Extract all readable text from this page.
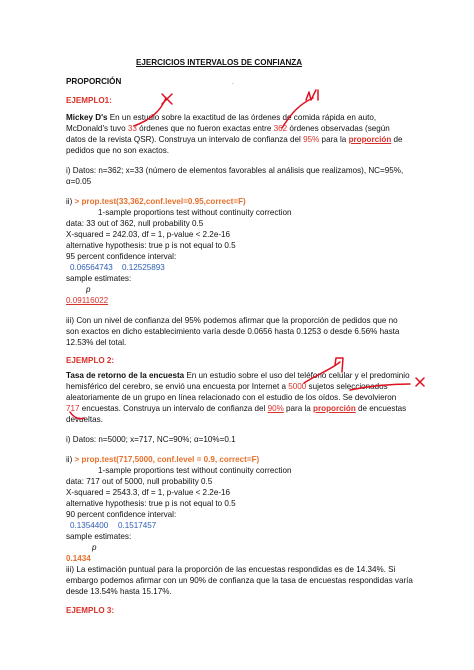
EJERCICIOS INTERVALOS DE CONFIANZA
PROPORCIÓN	·
EJEMPLO1:
Mickey D's En un estudio sobre la exactitud de las órdenes de comida rápida en auto,
McDonald's tuvo 33 órdenes que no fueron exactas entre 362 órdenes observadas (según
datos de la revista QSR). Construya un intervalo de confianza del 95% para la proporción de
pedidos que no son exactos.
i) Datos: n=362; x=33 (número de elementos favorables al análisis que realizamos), NC=95%,
α=0.05
ii) > prop.test(33,362,conf.level=0.95,correct=F)
1-sample proportions test without continuity correction
data: 33 out of 362, null probability 0.5
X-squared = 242.03, df = 1, p-value < 2.2e-16
alternative hypothesis: true p is not equal to 0.5
95 percent confidence interval:
0.06564743 0.12525893
sample estimates:
p
0.09116022
iii) Con un nivel de confianza del 95% podemos afirmar que la proporción de pedidos que no
son exactos en dicho establecimiento varía desde 0.0656 hasta 0.1253 o desde 6.56% hasta
12.53% del total.
EJEMPLO 2:
Tasa de retorno de la encuesta En un estudio sobre el uso del teléfono celular y el predominio
hemisférico del cerebro, se envió una encuesta por Internet a 5000 sujetos seleccionados
aleatoriamente de un grupo en línea relacionado con el estudio de los oídos. Se devolvieron
717 encuestas. Construya un intervalo de confianza del 90% para la proporción de encuestas
devueltas.
i) Datos: n=5000; x=717, NC=90%; α=10%=0.1
ii) > prop.test(717,5000, conf.level = 0.9, correct=F)
1-sample proportions test without continuity correction
data: 717 out of 5000, null probability 0.5
X-squared = 2543.3, df = 1, p-value < 2.2e-16
alternative hypothesis: true p is not equal to 0.5
90 percent confidence interval:
0.1354400 0.1517457
sample estimates:
p
0.1434
iii) La estimación puntual para la proporción de las encuestas respondidas es de 14.34%. Si
embargo podemos afirmar con un 90% de confianza que la tasa de encuestas respondidas varía
desde 13.54% hasta 15.17%.
EJEMPLO 3:
